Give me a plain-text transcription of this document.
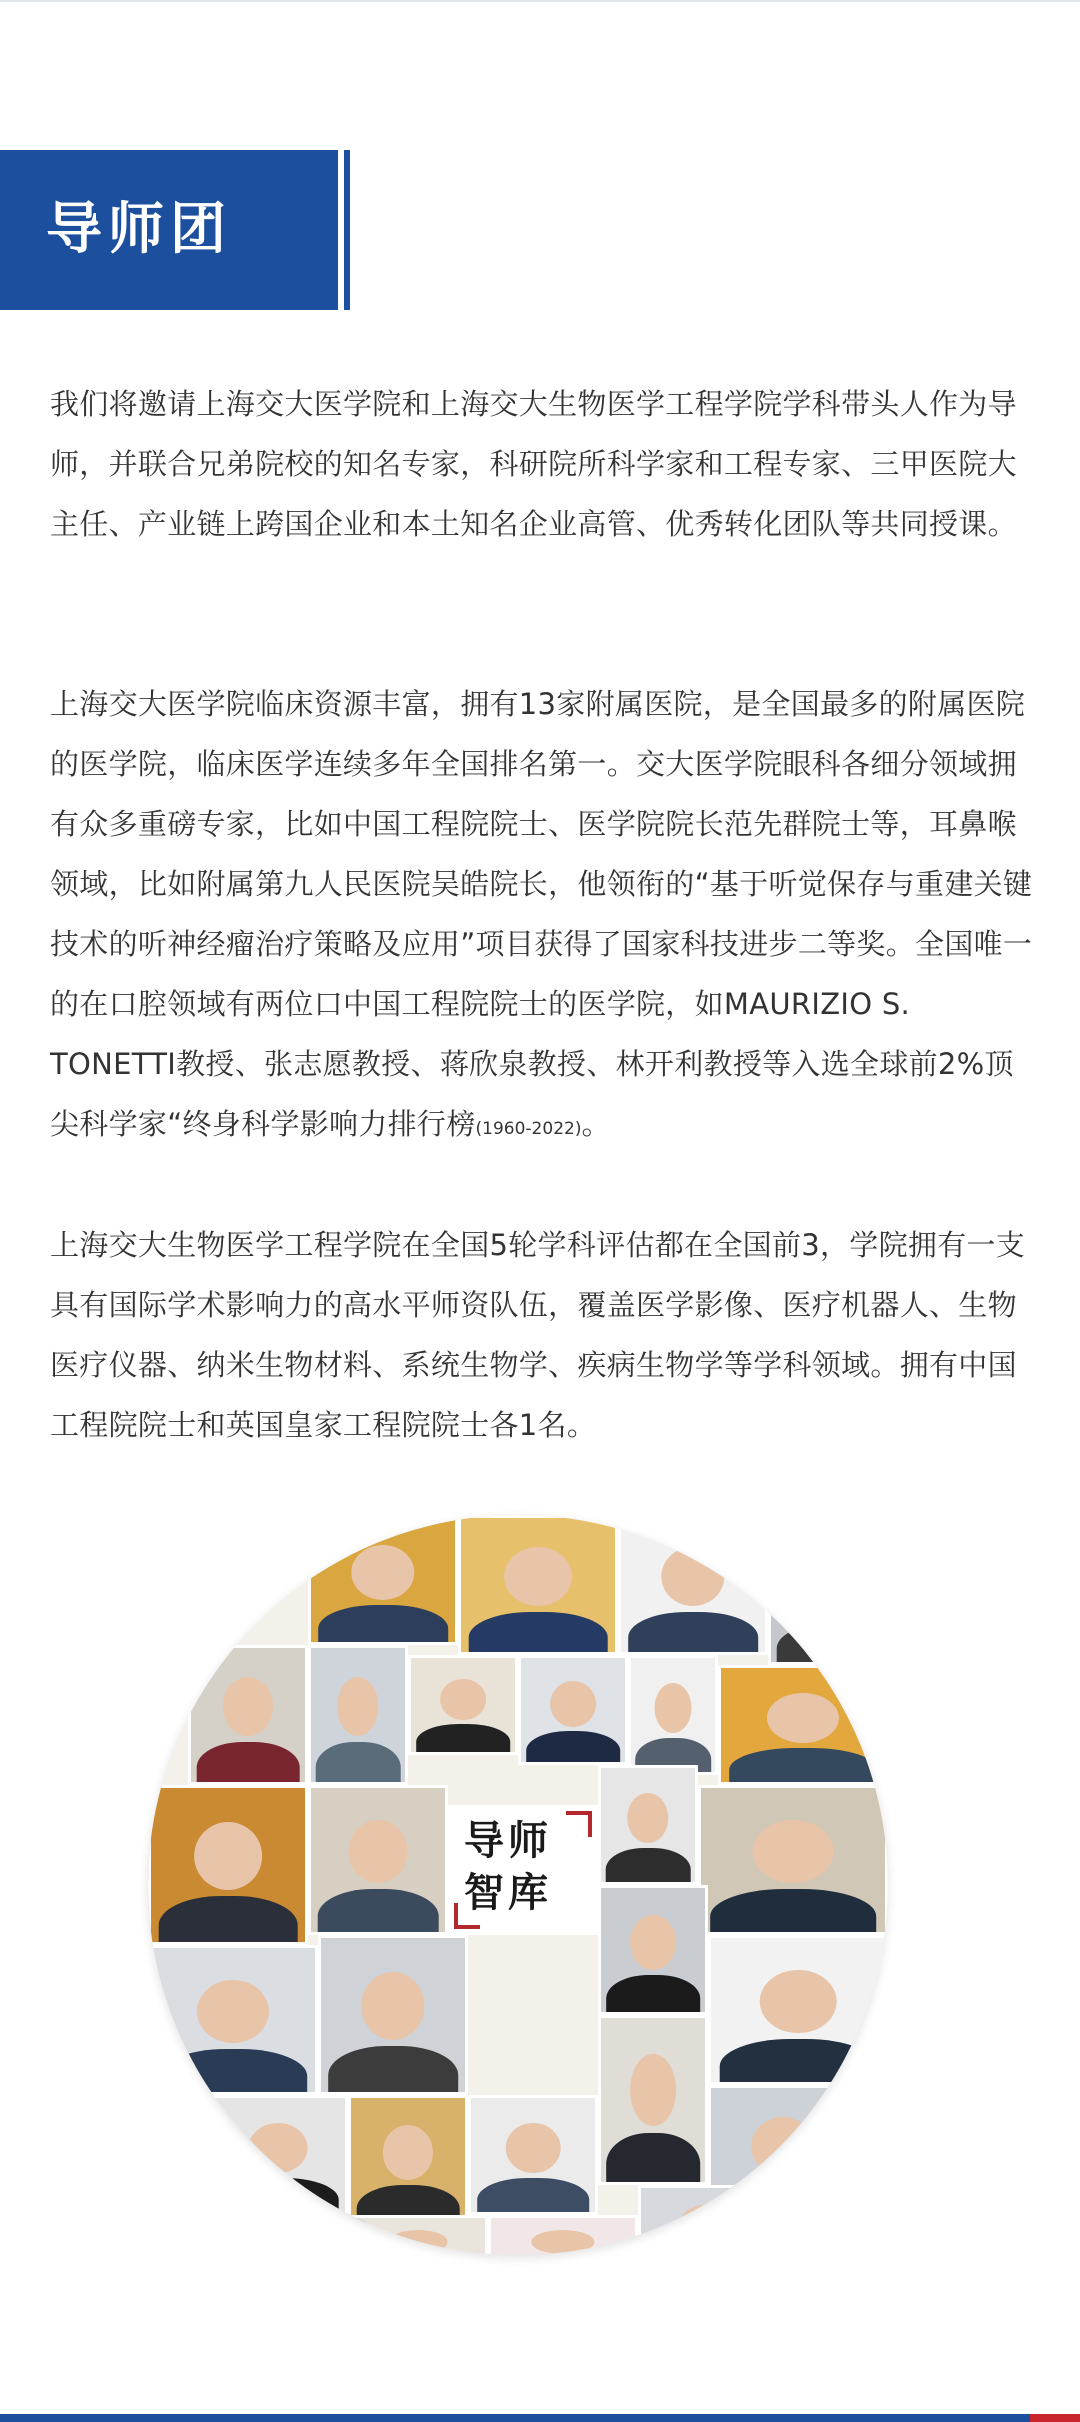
导师团

我们将邀请上海交大医学院和上海交大生物医学工程学院学科带头人作为导师，并联合兄弟院校的知名专家，科研院所科学家和工程专家、三甲医院大主任、产业链上跨国企业和本土知名企业高管、优秀转化团队等共同授课。

上海交大医学院临床资源丰富，拥有13家附属医院，是全国最多的附属医院的医学院，临床医学连续多年全国排名第一。交大医学院眼科各细分领域拥有众多重磅专家，比如中国工程院院士、医学院院长范先群院士等，耳鼻喉领域，比如附属第九人民医院吴皓院长，他领衔的“基于听觉保存与重建关键技术的听神经瘤治疗策略及应用”项目获得了国家科技进步二等奖。全国唯一的在口腔领域有两位口中国工程院院士的医学院，如MAURIZIO S. TONETTI教授、张志愿教授、蒋欣泉教授、林开利教授等入选全球前2%顶尖科学家“终身科学影响力排行榜(1960-2022)。

上海交大生物医学工程学院在全国5轮学科评估都在全国前3，学院拥有一支具有国际学术影响力的高水平师资队伍，覆盖医学影像、医疗机器人、生物医疗仪器、纳米生物材料、系统生物学、疾病生物学等学科领域。拥有中国工程院院士和英国皇家工程院院士各1名。

导师智库
